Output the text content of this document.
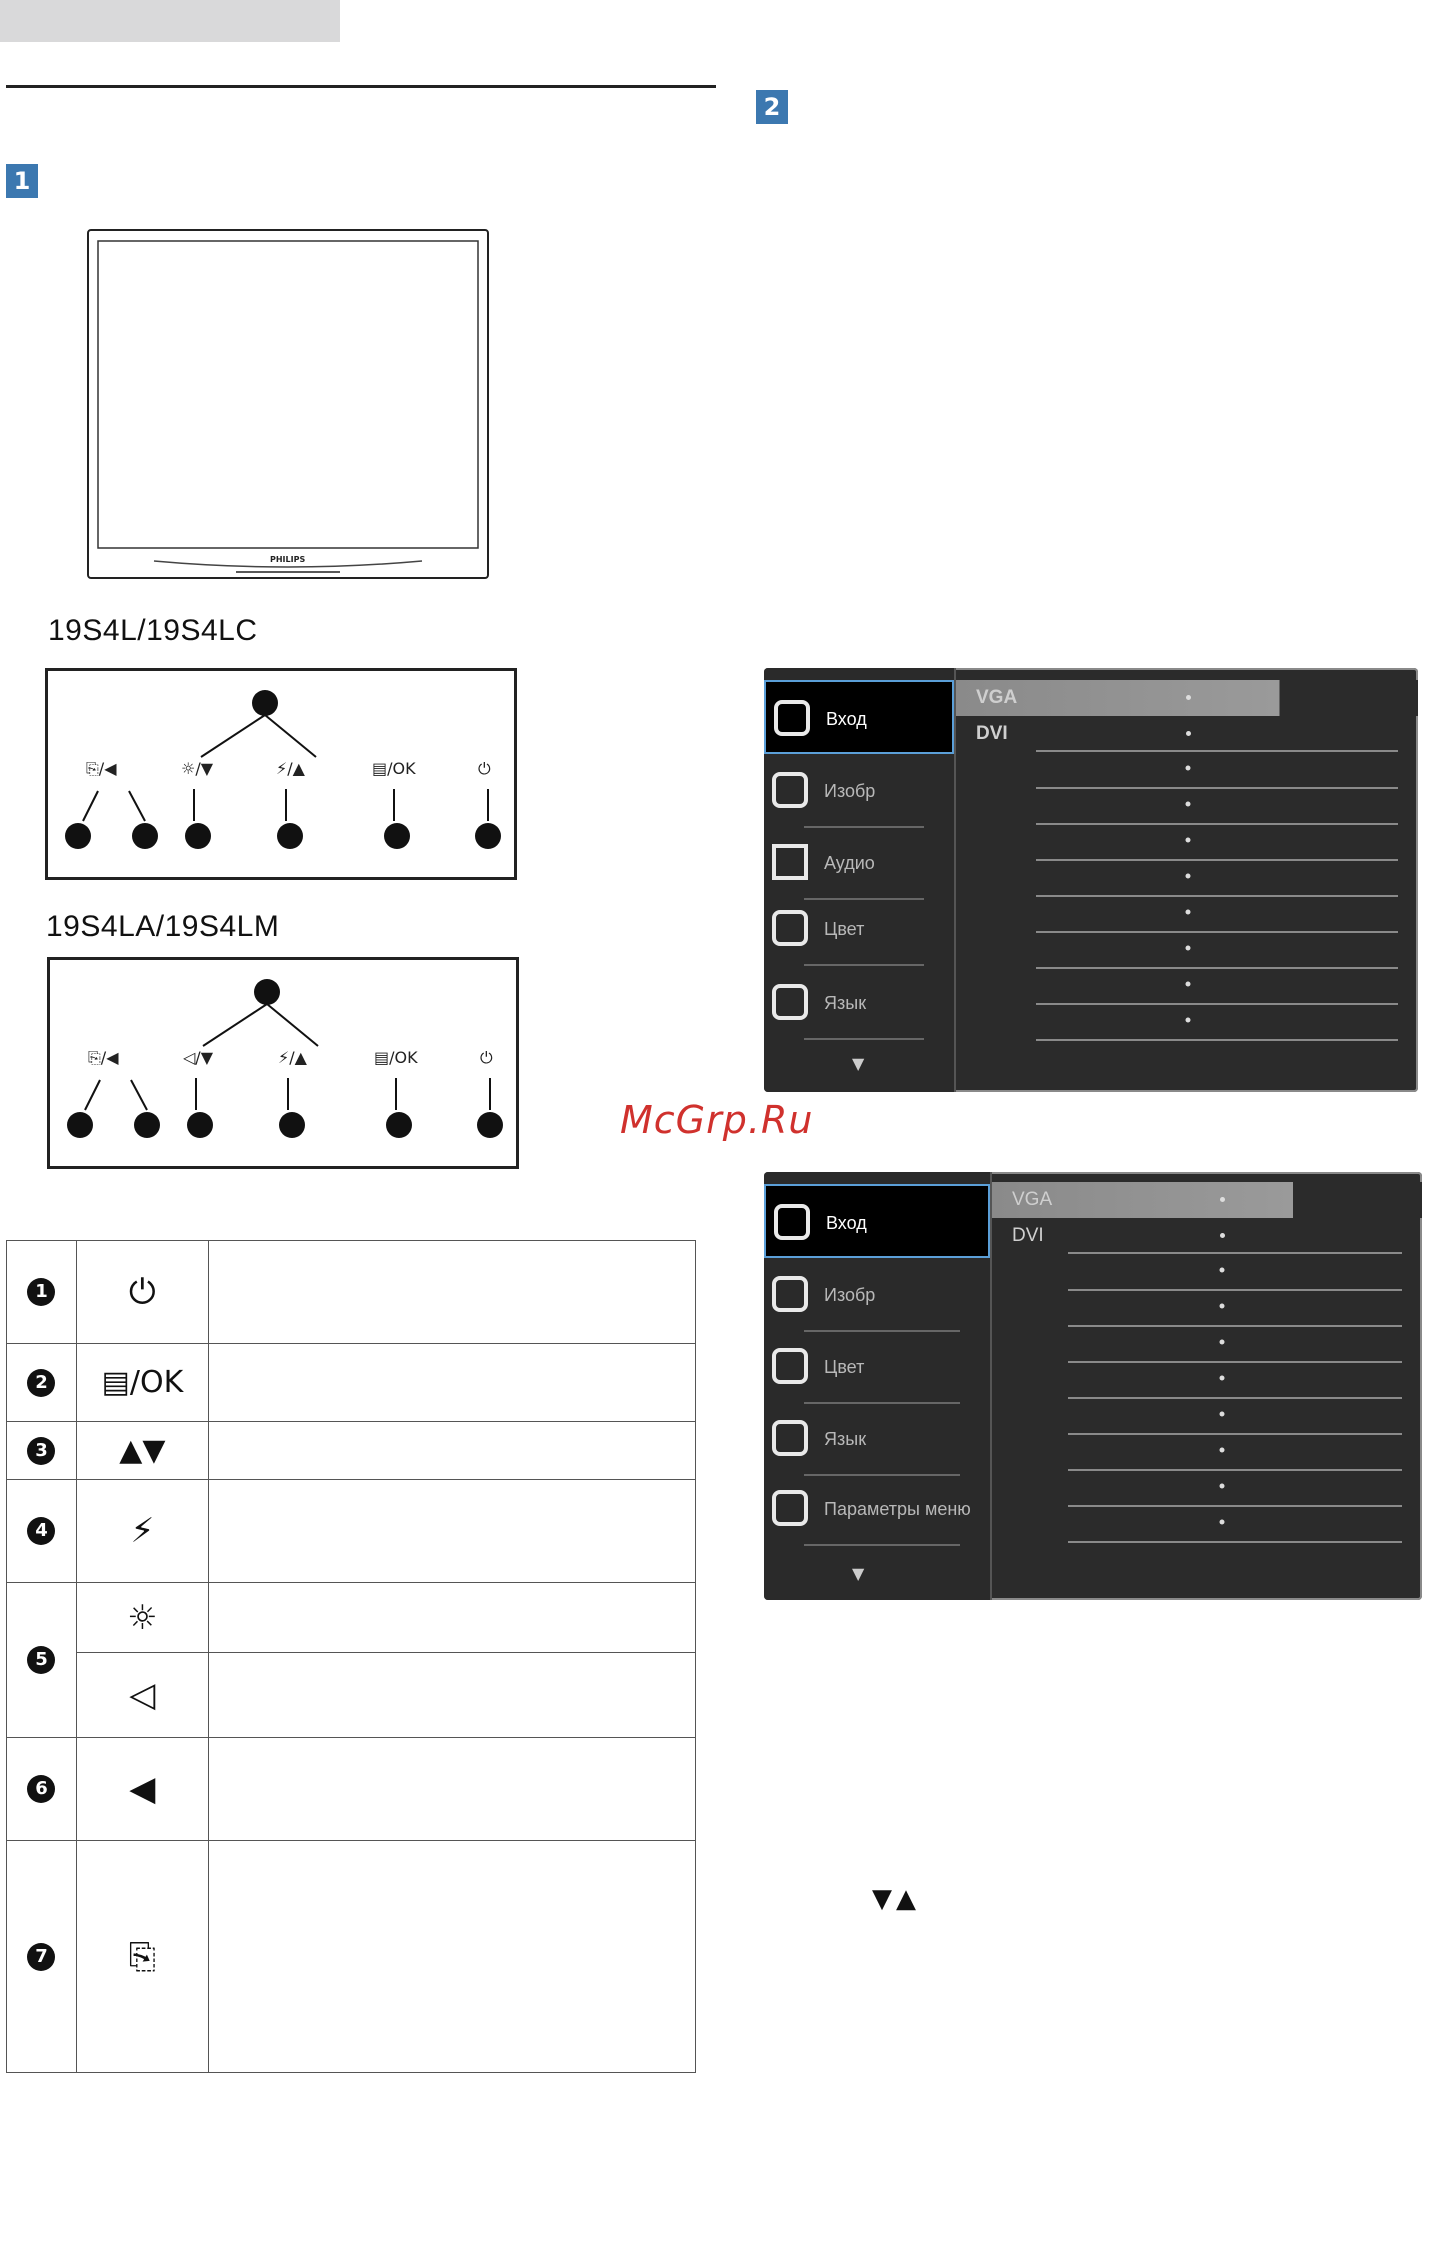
1
2
PHILIPS
19S4L/19S4LC
⎘/◀	☼/▼	⚡/▲	▤/OK	⏻
19S4LA/19S4LM
⎘/◀	◁/▼	⚡/▲	▤/OK	⏻
1	⏻	

2	▤/OK	

3	▲▼	

4	⚡	

5	☼	
	◁	

6	◀	

7	⎘	
Вход
Изобр
Аудио
Цвет
Язык
▼
VGA
DVI
McGrp.Ru
Вход
Изобр
Цвет
Язык
Параметры меню
▼
VGA
DVI
▼▲
